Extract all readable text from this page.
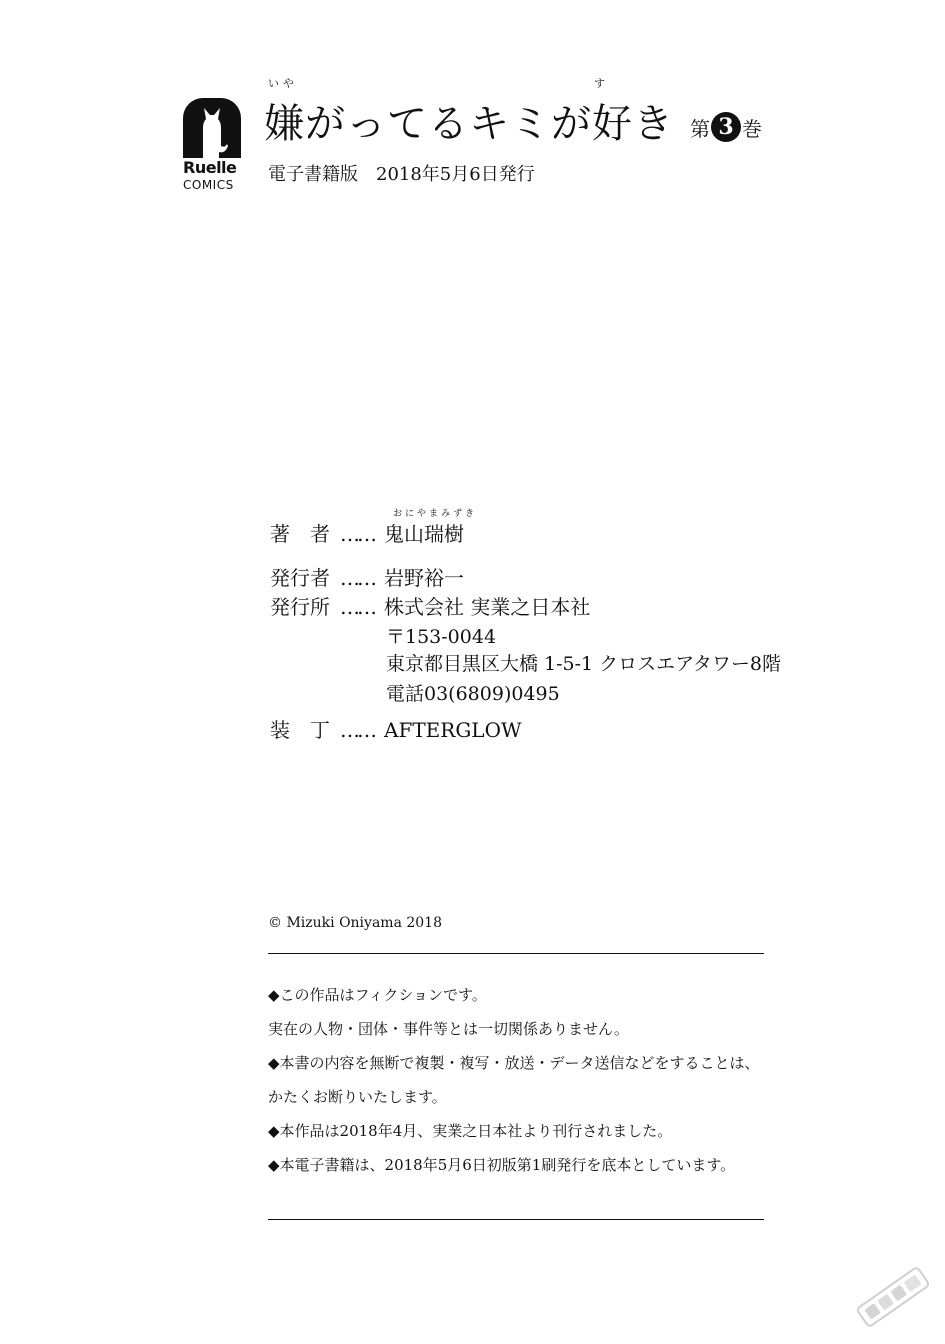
Ruelle
COMICS
いや	す
嫌がってるキミが好き 第 3 巻
電子書籍版　2018年5月6日発行
おにやまみずき
著　者 …… 鬼山瑞樹
発行者 …… 岩野裕一
発行所 …… 株式会社 実業之日本社
〒153-0044
東京都目黒区大橋 1-5-1 クロスエアタワー8階
電話03(6809)0495
装　丁 …… AFTERGLOW
© Mizuki Oniyama 2018
◆この作品はフィクションです。
実在の人物・団体・事件等とは一切関係ありません。
◆本書の内容を無断で複製・複写・放送・データ送信などをすることは、
かたくお断りいたします。
◆本作品は2018年4月、実業之日本社より刊行されました。
◆本電子書籍は、2018年5月6日初版第1刷発行を底本としています。
